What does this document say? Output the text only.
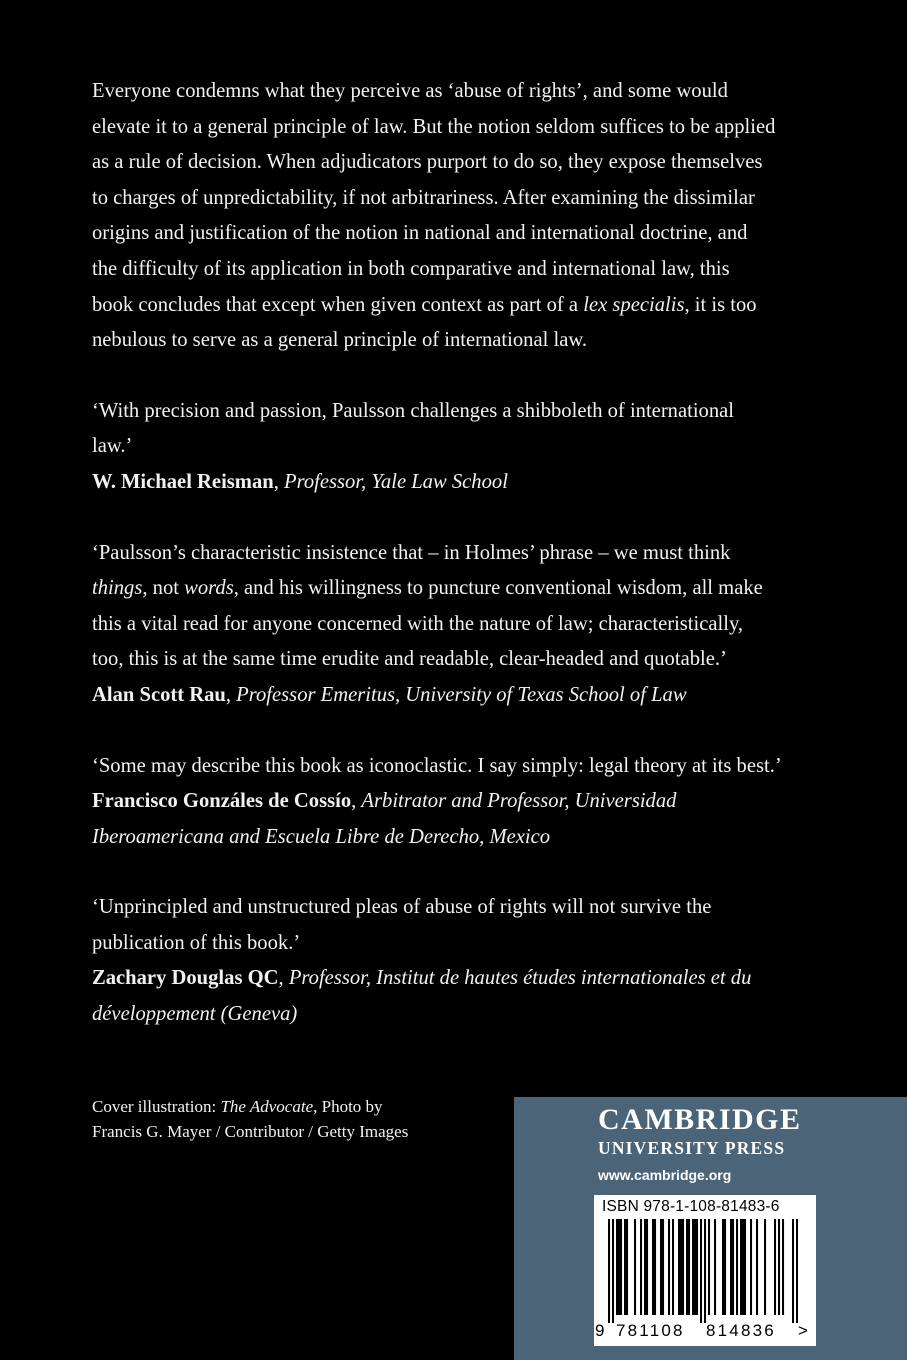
Everyone condemns what they perceive as ‘abuse of rights’, and some would
elevate it to a general principle of law. But the notion seldom suffices to be applied
as a rule of decision. When adjudicators purport to do so, they expose themselves
to charges of unpredictability, if not arbitrariness. After examining the dissimilar
origins and justification of the notion in national and international doctrine, and
the difficulty of its application in both comparative and international law, this
book concludes that except when given context as part of a lex specialis, it is too
nebulous to serve as a general principle of international law.

‘With precision and passion, Paulsson challenges a shibboleth of international
law.’
W. Michael Reisman, Professor, Yale Law School

‘Paulsson’s characteristic insistence that – in Holmes’ phrase – we must think
things, not words, and his willingness to puncture conventional wisdom, all make
this a vital read for anyone concerned with the nature of law; characteristically,
too, this is at the same time erudite and readable, clear-headed and quotable.’
Alan Scott Rau, Professor Emeritus, University of Texas School of Law

‘Some may describe this book as iconoclastic. I say simply: legal theory at its best.’
Francisco Gonzáles de Cossío, Arbitrator and Professor, Universidad
Iberoamericana and Escuela Libre de Derecho, Mexico

‘Unprincipled and unstructured pleas of abuse of rights will not survive the
publication of this book.’
Zachary Douglas QC, Professor, Institut de hautes études internationales et du
développement (Geneva)

Cover illustration: The Advocate, Photo by
Francis G. Mayer / Contributor / Getty Images	CAMBRIDGE
UNIVERSITY PRESS
www.cambridge.org
ISBN 978-1-108-81483-6
9 781108 814836 >
